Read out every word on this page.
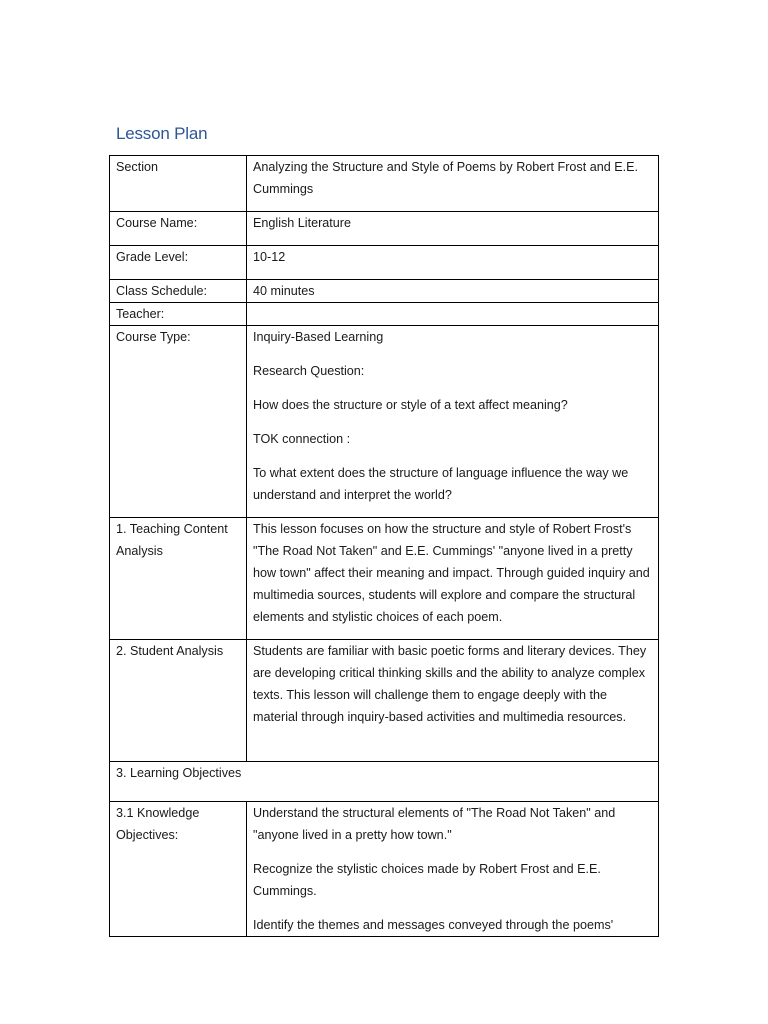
Lesson Plan
Section	Analyzing the Structure and Style of Poems by Robert Frost and E.E. Cummings
Course Name:	English Literature
Grade Level:	10-12
Class Schedule:	40 minutes
Teacher:	
Course Type:	Inquiry-Based Learning

Research Question:

How does the structure or style of a text affect meaning?

TOK connection :

To what extent does the structure of language influence the way we understand and interpret the world?

1. Teaching Content Analysis	This lesson focuses on how the structure and style of Robert Frost's "The Road Not Taken" and E.E. Cummings' "anyone lived in a pretty how town" affect their meaning and impact. Through guided inquiry and multimedia sources, students will explore and compare the structural elements and stylistic choices of each poem.
2. Student Analysis	Students are familiar with basic poetic forms and literary devices. They are developing critical thinking skills and the ability to analyze complex texts. This lesson will challenge them to engage deeply with the material through inquiry-based activities and multimedia resources.
3. Learning Objectives	
3.1 Knowledge Objectives:	Understand the structural elements of "The Road Not Taken" and "anyone lived in a pretty how town."

Recognize the stylistic choices made by Robert Frost and E.E. Cummings.

Identify the themes and messages conveyed through the poems'
